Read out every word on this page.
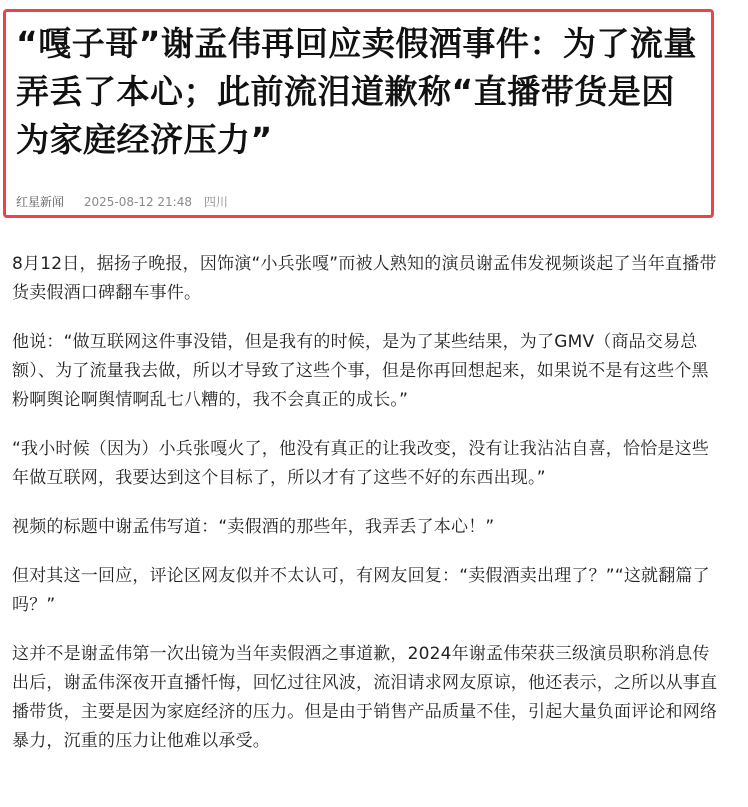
“嘎子哥”谢孟伟再回应卖假酒事件：为了流量弄丢了本心；此前流泪道歉称“直播带货是因为家庭经济压力”
红星新闻 2025-08-12 21:48 四川

8月12日，据扬子晚报，因饰演“小兵张嘎”而被人熟知的演员谢孟伟发视频谈起了当年直播带货卖假酒口碑翻车事件。

他说：“做互联网这件事没错，但是我有的时候，是为了某些结果，为了GMV（商品交易总额）、为了流量我去做，所以才导致了这些个事，但是你再回想起来，如果说不是有这些个黑粉啊舆论啊舆情啊乱七八糟的，我不会真正的成长。”

“我小时候（因为）小兵张嘎火了，他没有真正的让我改变，没有让我沾沾自喜，恰恰是这些年做互联网，我要达到这个目标了，所以才有了这些不好的东西出现。”

视频的标题中谢孟伟写道：“卖假酒的那些年，我弄丢了本心！”

但对其这一回应，评论区网友似并不太认可，有网友回复：“卖假酒卖出理了？”“这就翻篇了吗？”

这并不是谢孟伟第一次出镜为当年卖假酒之事道歉，2024年谢孟伟荣获三级演员职称消息传出后，谢孟伟深夜开直播忏悔，回忆过往风波，流泪请求网友原谅，他还表示，之所以从事直播带货，主要是因为家庭经济的压力。但是由于销售产品质量不佳，引起大量负面评论和网络暴力，沉重的压力让他难以承受。
